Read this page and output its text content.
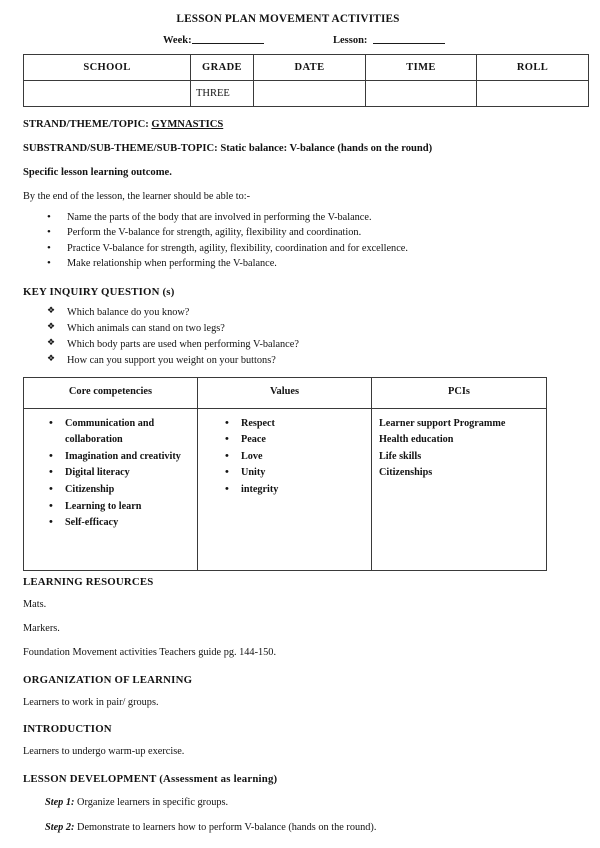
LESSON PLAN MOVEMENT ACTIVITIES
Week:	Lesson:
SCHOOL	GRADE	DATE	TIME	ROLL
	THREE			
STRAND/THEME/TOPIC: GYMNASTICS
SUBSTRAND/SUB-THEME/SUB-TOPIC: Static balance: V-balance (hands on the round)
Specific lesson learning outcome.
By the end of the lesson, the learner should be able to:-
• Name the parts of the body that are involved in performing the V-balance.
• Perform the V-balance for strength, agility, flexibility and coordination.
• Practice V-balance for strength, agility, flexibility, coordination and for excellence.
• Make relationship when performing the V-balance.
KEY INQUIRY QUESTION (s)
❖ Which balance do you know?
❖ Which animals can stand on two legs?
❖ Which body parts are used when performing V-balance?
❖ How can you support you weight on your buttons?
Core competencies	Values	PCIs

• Communication and collaboration
• Imagination and creativity
• Digital literacy
• Citizenship
• Learning to learn
• Self-efficacy

• Respect
• Peace
• Love
• Unity
• integrity

Learner support Programme
Health education
Life skills
Citizenships
LEARNING RESOURCES
Mats.
Markers.
Foundation Movement activities Teachers guide pg. 144-150.
ORGANIZATION OF LEARNING
Learners to work in pair/ groups.
INTRODUCTION
Learners to undergo warm-up exercise.
LESSON DEVELOPMENT (Assessment as learning)
Step 1: Organize learners in specific groups.
Step 2: Demonstrate to learners how to perform V-balance (hands on the round).
